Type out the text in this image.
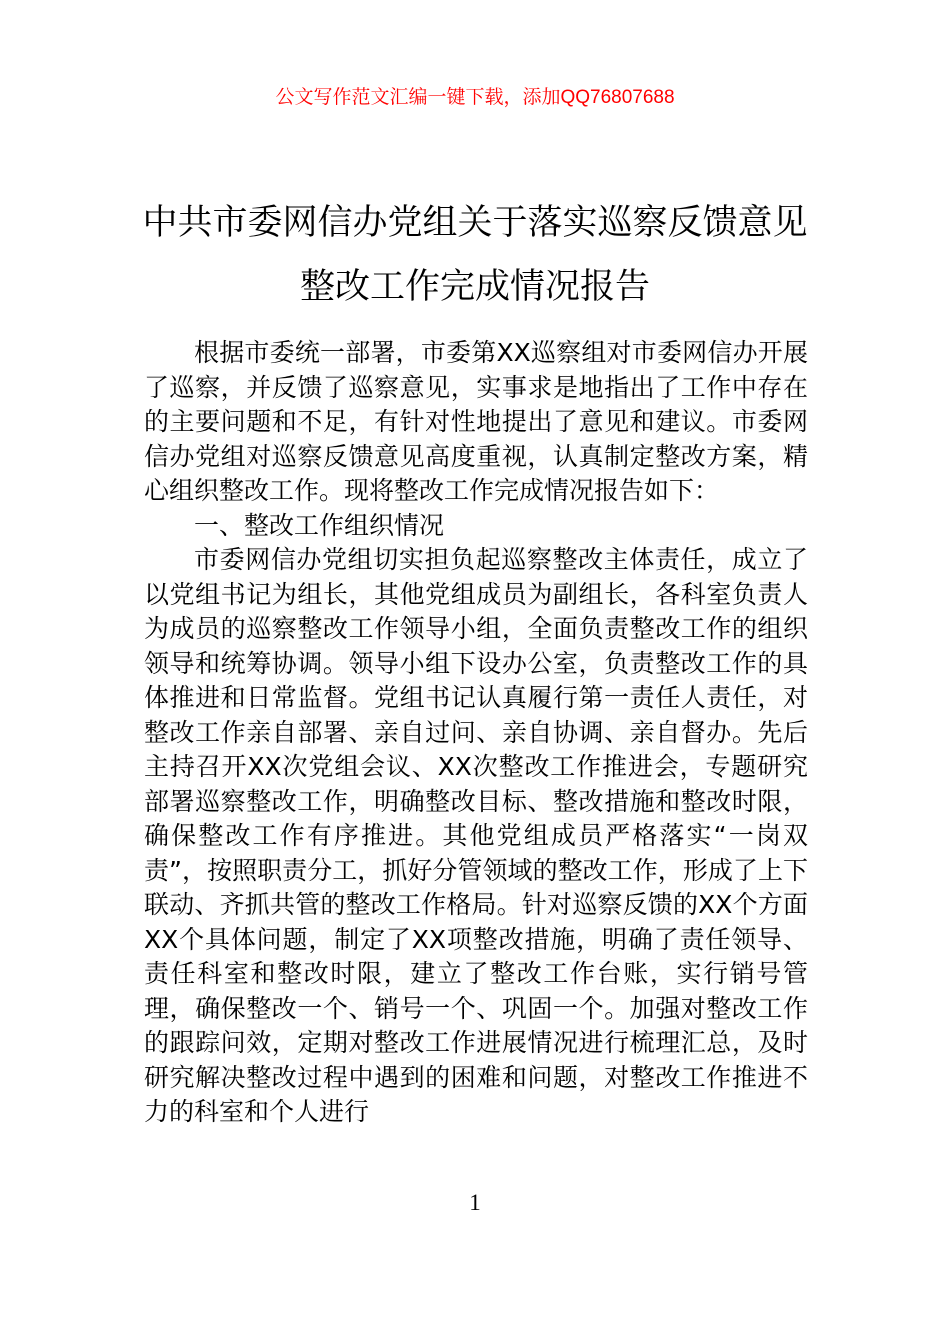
公文写作范文汇编一键下载，添加QQ76807688
中共市委网信办党组关于落实巡察反馈意见整改工作完成情况报告

根据市委统一部署，市委第XX巡察组对市委网信办开展了巡察，并反馈了巡察意见，实事求是地指出了工作中存在的主要问题和不足，有针对性地提出了意见和建议。市委网信办党组对巡察反馈意见高度重视，认真制定整改方案，精心组织整改工作。现将整改工作完成情况报告如下：

一、整改工作组织情况

市委网信办党组切实担负起巡察整改主体责任，成立了以党组书记为组长，其他党组成员为副组长，各科室负责人为成员的巡察整改工作领导小组，全面负责整改工作的组织领导和统筹协调。领导小组下设办公室，负责整改工作的具体推进和日常监督。党组书记认真履行第一责任人责任，对整改工作亲自部署、亲自过问、亲自协调、亲自督办。先后主持召开XX次党组会议、XX次整改工作推进会，专题研究部署巡察整改工作，明确整改目标、整改措施和整改时限，确保整改工作有序推进。其他党组成员严格落实“一岗双责”，按照职责分工，抓好分管领域的整改工作，形成了上下联动、齐抓共管的整改工作格局。针对巡察反馈的XX个方面XX个具体问题，制定了XX项整改措施，明确了责任领导、责任科室和整改时限，建立了整改工作台账，实行销号管理，确保整改一个、销号一个、巩固一个。加强对整改工作的跟踪问效，定期对整改工作进展情况进行梳理汇总，及时研究解决整改过程中遇到的困难和问题，对整改工作推进不力的科室和个人进行

1
